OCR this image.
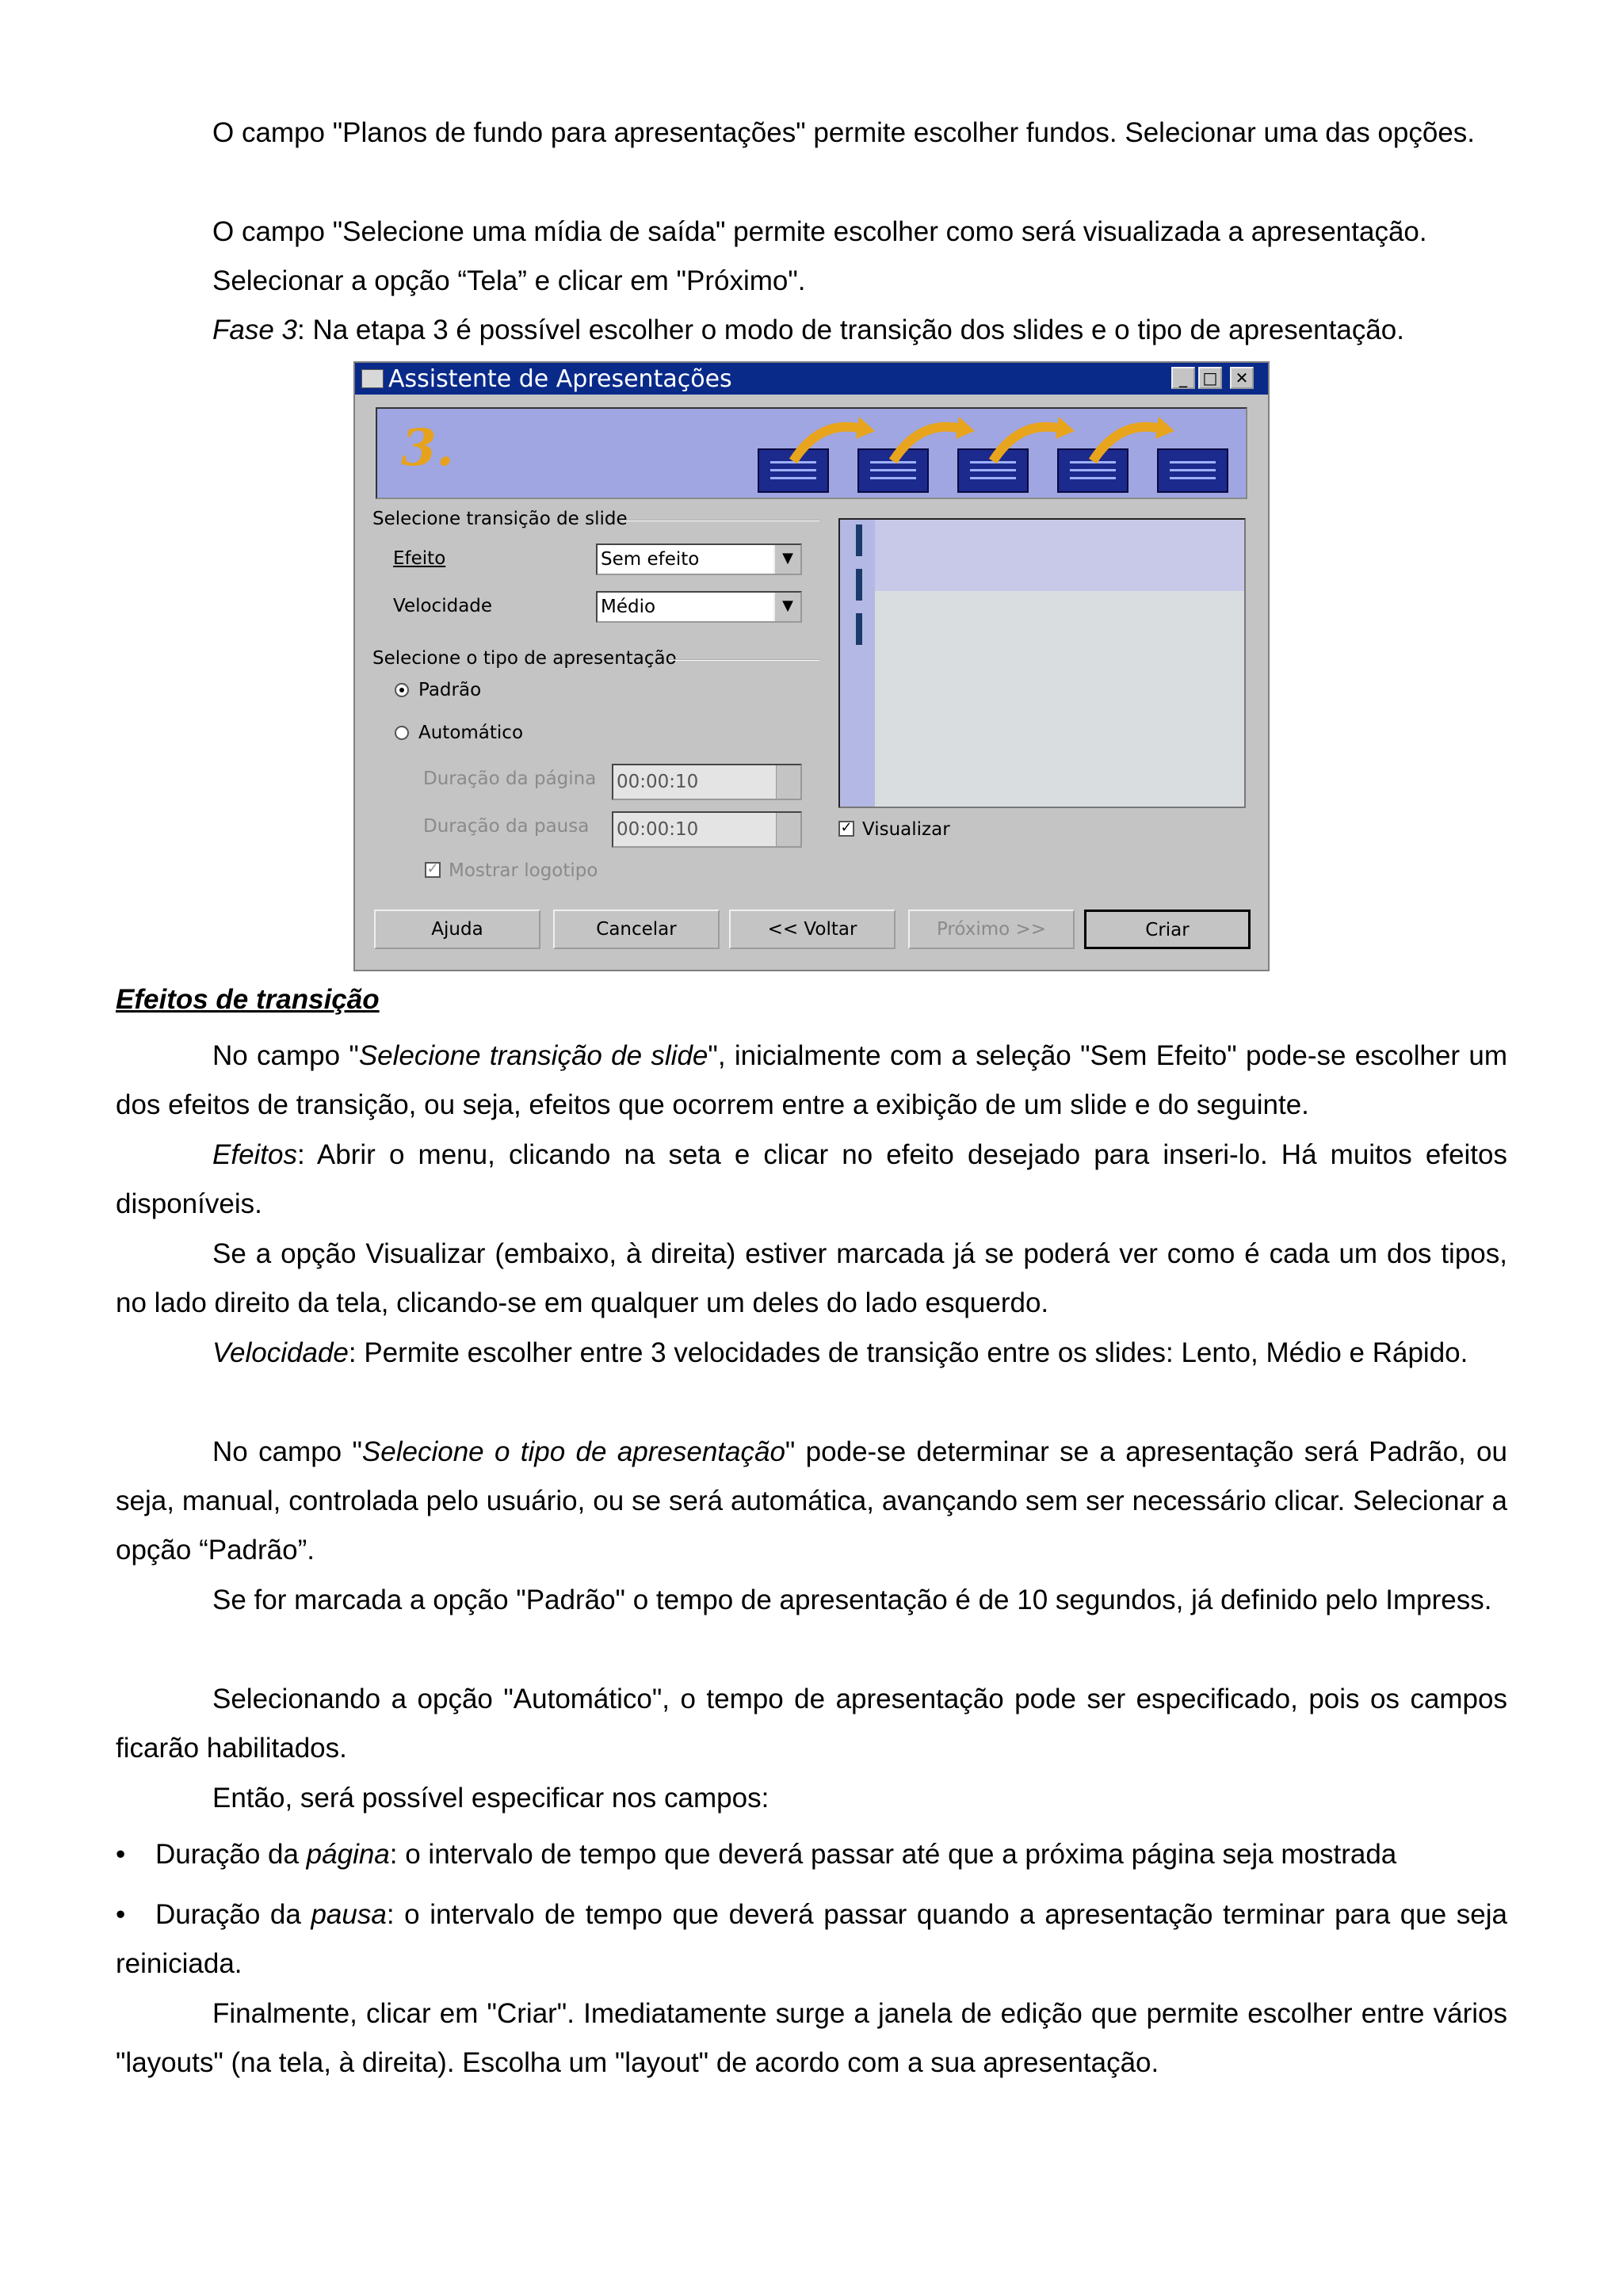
O campo "Planos de fundo para apresentações" permite escolher fundos. Selecionar uma das opções.

O campo "Selecione uma mídia de saída" permite escolher como será visualizada a apresentação.

Selecionar a opção “Tela” e clicar em "Próximo".

Fase 3: Na etapa 3 é possível escolher o modo de transição dos slides e o tipo de apresentação.

Assistente de Apresentações	_ □	✕
3.
Selecione transição de slide
Efeito	Sem efeito	▼
Velocidade	Médio	▼
Selecione o tipo de apresentação
Padrão
Automático
Duração da página 00:00:10
Duração da pausa 00:00:10
✓ Mostrar logotipo
✓ Visualizar
Ajuda	Cancelar	<< Voltar	Próximo >>	Criar

Efeitos de transição

No campo "Selecione transição de slide", inicialmente com a seleção "Sem Efeito" pode-se escolher um dos efeitos de transição, ou seja, efeitos que ocorrem entre a exibição de um slide e do seguinte.

Efeitos: Abrir o menu, clicando na seta e clicar no efeito desejado para inseri-lo. Há muitos efeitos disponíveis.

Se a opção Visualizar (embaixo, à direita) estiver marcada já se poderá ver como é cada um dos tipos, no lado direito da tela, clicando-se em qualquer um deles do lado esquerdo.

Velocidade: Permite escolher entre 3 velocidades de transição entre os slides: Lento, Médio e Rápido.

No campo "Selecione o tipo de apresentação" pode-se determinar se a apresentação será Padrão, ou seja, manual, controlada pelo usuário, ou se será automática, avançando sem ser necessário clicar. Selecionar a opção “Padrão”.

Se for marcada a opção "Padrão" o tempo de apresentação é de 10 segundos, já definido pelo Impress.

Selecionando a opção "Automático", o tempo de apresentação pode ser especificado, pois os campos ficarão habilitados.

Então, será possível especificar nos campos:

• Duração da página: o intervalo de tempo que deverá passar até que a próxima página seja mostrada

• Duração da pausa: o intervalo de tempo que deverá passar quando a apresentação terminar para que seja reiniciada.

Finalmente, clicar em "Criar". Imediatamente surge a janela de edição que permite escolher entre vários "layouts" (na tela, à direita). Escolha um "layout" de acordo com a sua apresentação.
